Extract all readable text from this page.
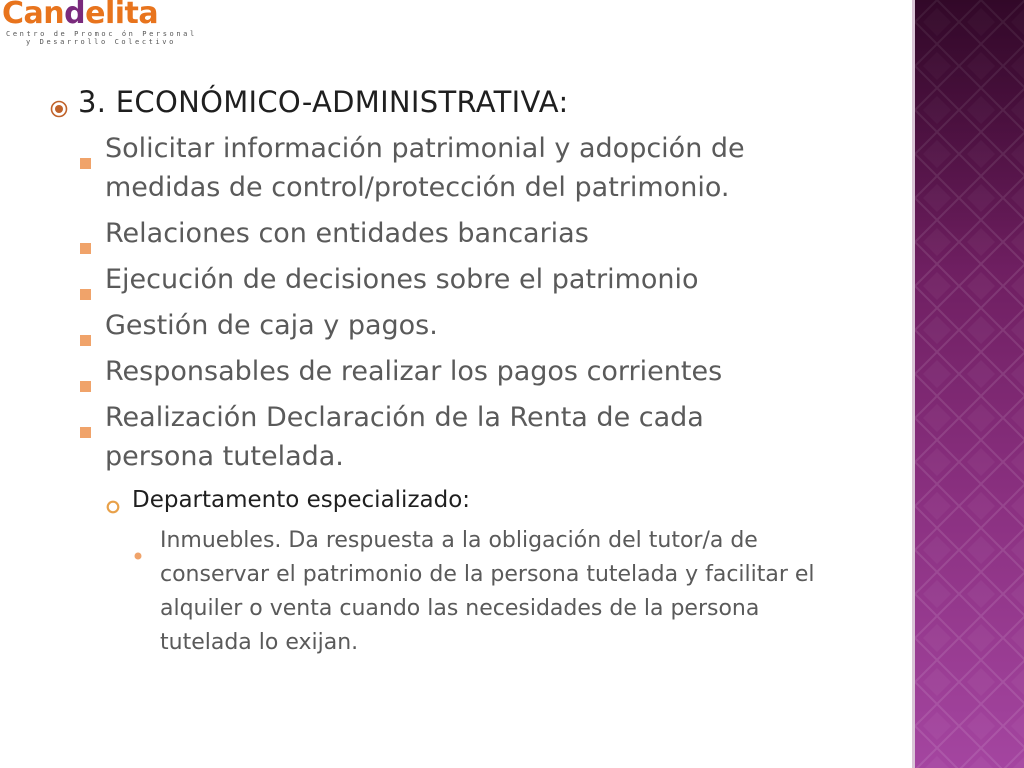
Candelita
Centro de Promoc ón Personal
y Desarrollo Colectivo
3. ECONÓMICO-ADMINISTRATIVA:
Solicitar información patrimonial y adopción de medidas de control/protección del patrimonio.
Relaciones con entidades bancarias
Ejecución de decisiones sobre el patrimonio
Gestión de caja y pagos.
Responsables de realizar los pagos corrientes
Realización Declaración de la Renta de cada persona tutelada.
Departamento especializado:
Inmuebles. Da respuesta a la obligación del tutor/a de conservar el patrimonio de la persona tutelada y facilitar el alquiler o venta cuando las necesidades de la persona tutelada lo exijan.
